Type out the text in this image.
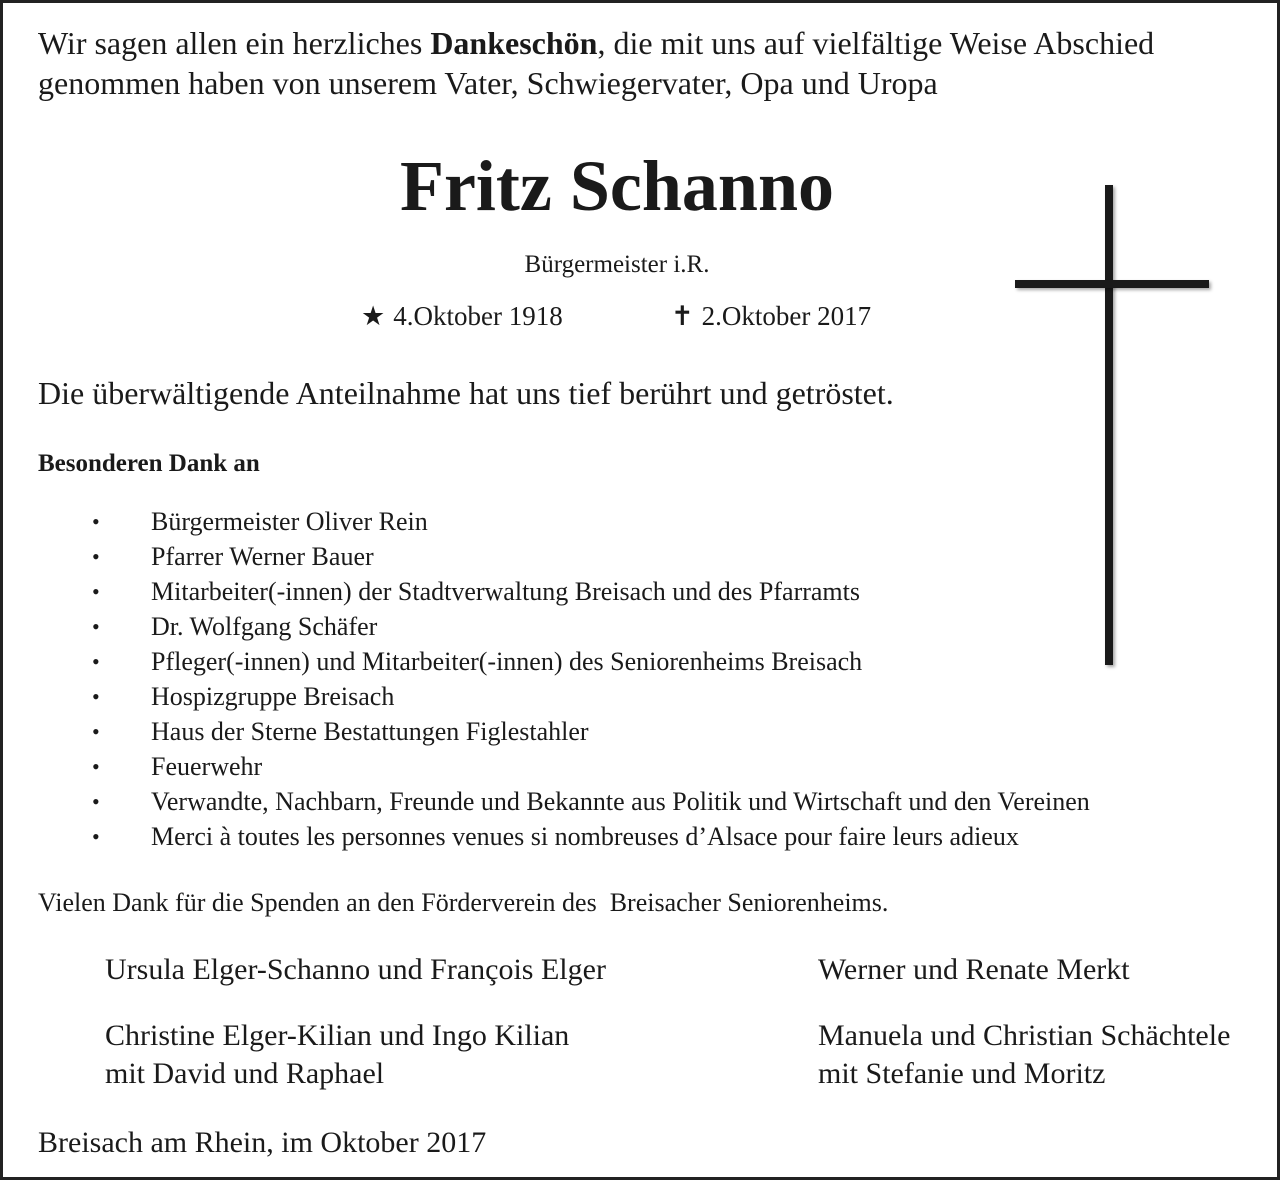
Wir sagen allen ein herzliches Dankeschön, die mit uns auf vielfältige Weise Abschied genommen haben von unserem Vater, Schwiegervater, Opa und Uropa
Fritz Schanno
Bürgermeister i.R.
★ 4.Oktober 1918	✝ 2.Oktober 2017
Die überwältigende Anteilnahme hat uns tief berührt und getröstet.
Besonderen Dank an
• Bürgermeister Oliver Rein
• Pfarrer Werner Bauer
• Mitarbeiter(-innen) der Stadtverwaltung Breisach und des Pfarramts
• Dr. Wolfgang Schäfer
• Pfleger(-innen) und Mitarbeiter(-innen) des Seniorenheims Breisach
• Hospizgruppe Breisach
• Haus der Sterne Bestattungen Figlestahler
• Feuerwehr
• Verwandte, Nachbarn, Freunde und Bekannte aus Politik und Wirtschaft und den Vereinen
• Merci à toutes les personnes venues si nombreuses d’Alsace pour faire leurs adieux
Vielen Dank für die Spenden an den Förderverein des  Breisacher Seniorenheims.
Ursula Elger-Schanno und François Elger
Christine Elger-Kilian und Ingo Kilian
mit David und Raphael
Werner und Renate Merkt
Manuela und Christian Schächtele
mit Stefanie und Moritz
Breisach am Rhein, im Oktober 2017
